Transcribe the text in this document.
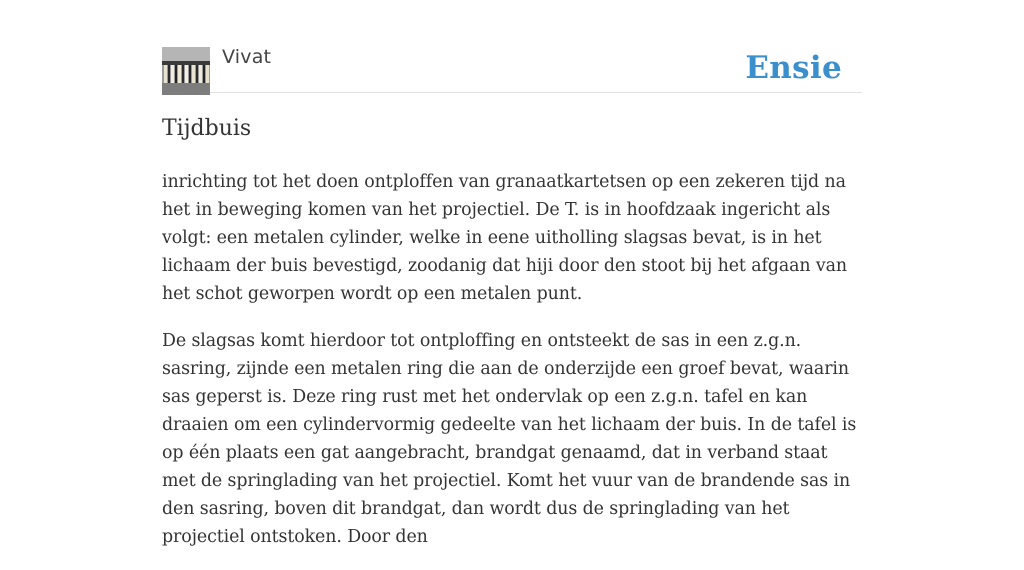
Vivat	Ensie
Tijdbuis

inrichting tot het doen ontploffen van granaatkartetsen op een zekeren tijd na het in beweging komen van het projectiel. De T. is in hoofdzaak ingericht als volgt: een metalen cylinder, welke in eene uitholling slagsas bevat, is in het lichaam der buis bevestigd, zoodanig dat hiji door den stoot bij het afgaan van het schot geworpen wordt op een metalen punt.

De slagsas komt hierdoor tot ontploffing en ontsteekt de sas in een z.g.n. sasring, zijnde een metalen ring die aan de onderzijde een groef bevat, waarin sas geperst is. Deze ring rust met het ondervlak op een z.g.n. tafel en kan draaien om een cylindervormig gedeelte van het lichaam der buis. In de tafel is op één plaats een gat aangebracht, brandgat genaamd, dat in verband staat met de springlading van het projectiel. Komt het vuur van de brandende sas in den sasring, boven dit brandgat, dan wordt dus de springlading van het projectiel ontstoken. Door den
